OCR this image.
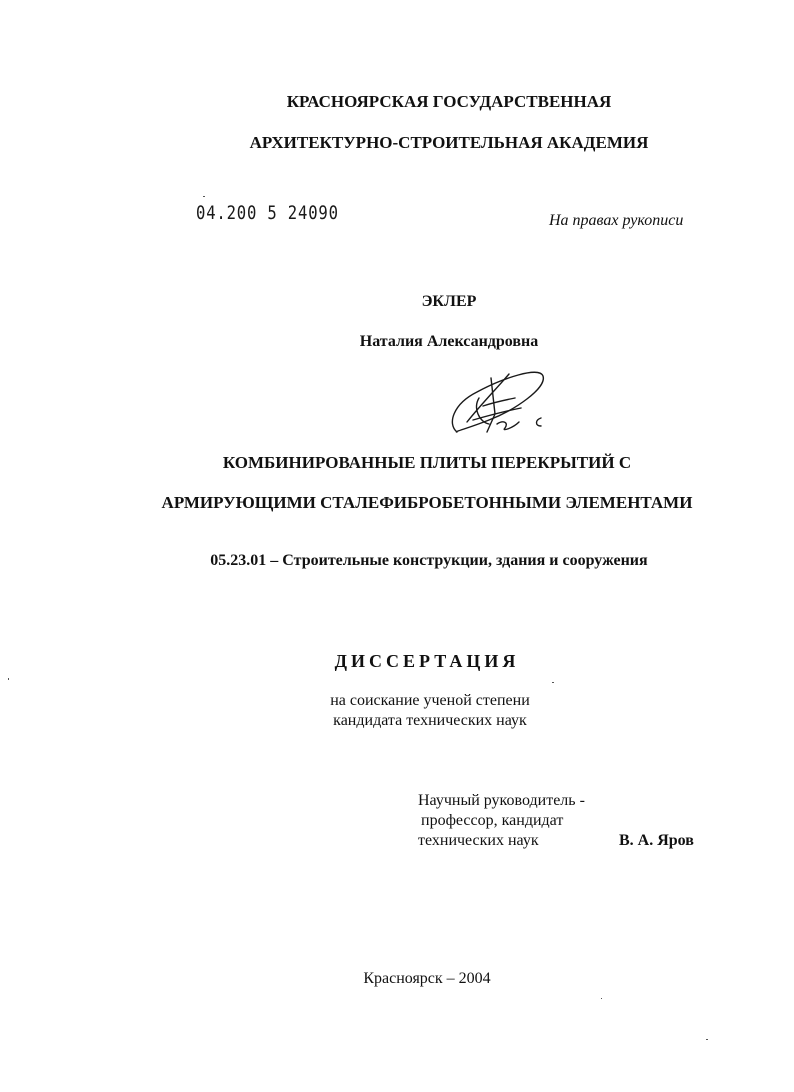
КРАСНОЯРСКАЯ ГОСУДАРСТВЕННАЯ
АРХИТЕКТУРНО-СТРОИТЕЛЬНАЯ АКАДЕМИЯ
04.200 5 24090	На правах рукописи
ЭКЛЕР
Наталия Александровна
КОМБИНИРОВАННЫЕ ПЛИТЫ ПЕРЕКРЫТИЙ С
АРМИРУЮЩИМИ СТАЛЕФИБРОБЕТОННЫМИ ЭЛЕМЕНТАМИ
05.23.01 – Строительные конструкции, здания и сооружения
ДИССЕРТАЦИЯ
на соискание ученой степени
кандидата технических наук
Научный руководитель -
профессор, кандидат
технических наук	В. А. Яров
Красноярск – 2004
